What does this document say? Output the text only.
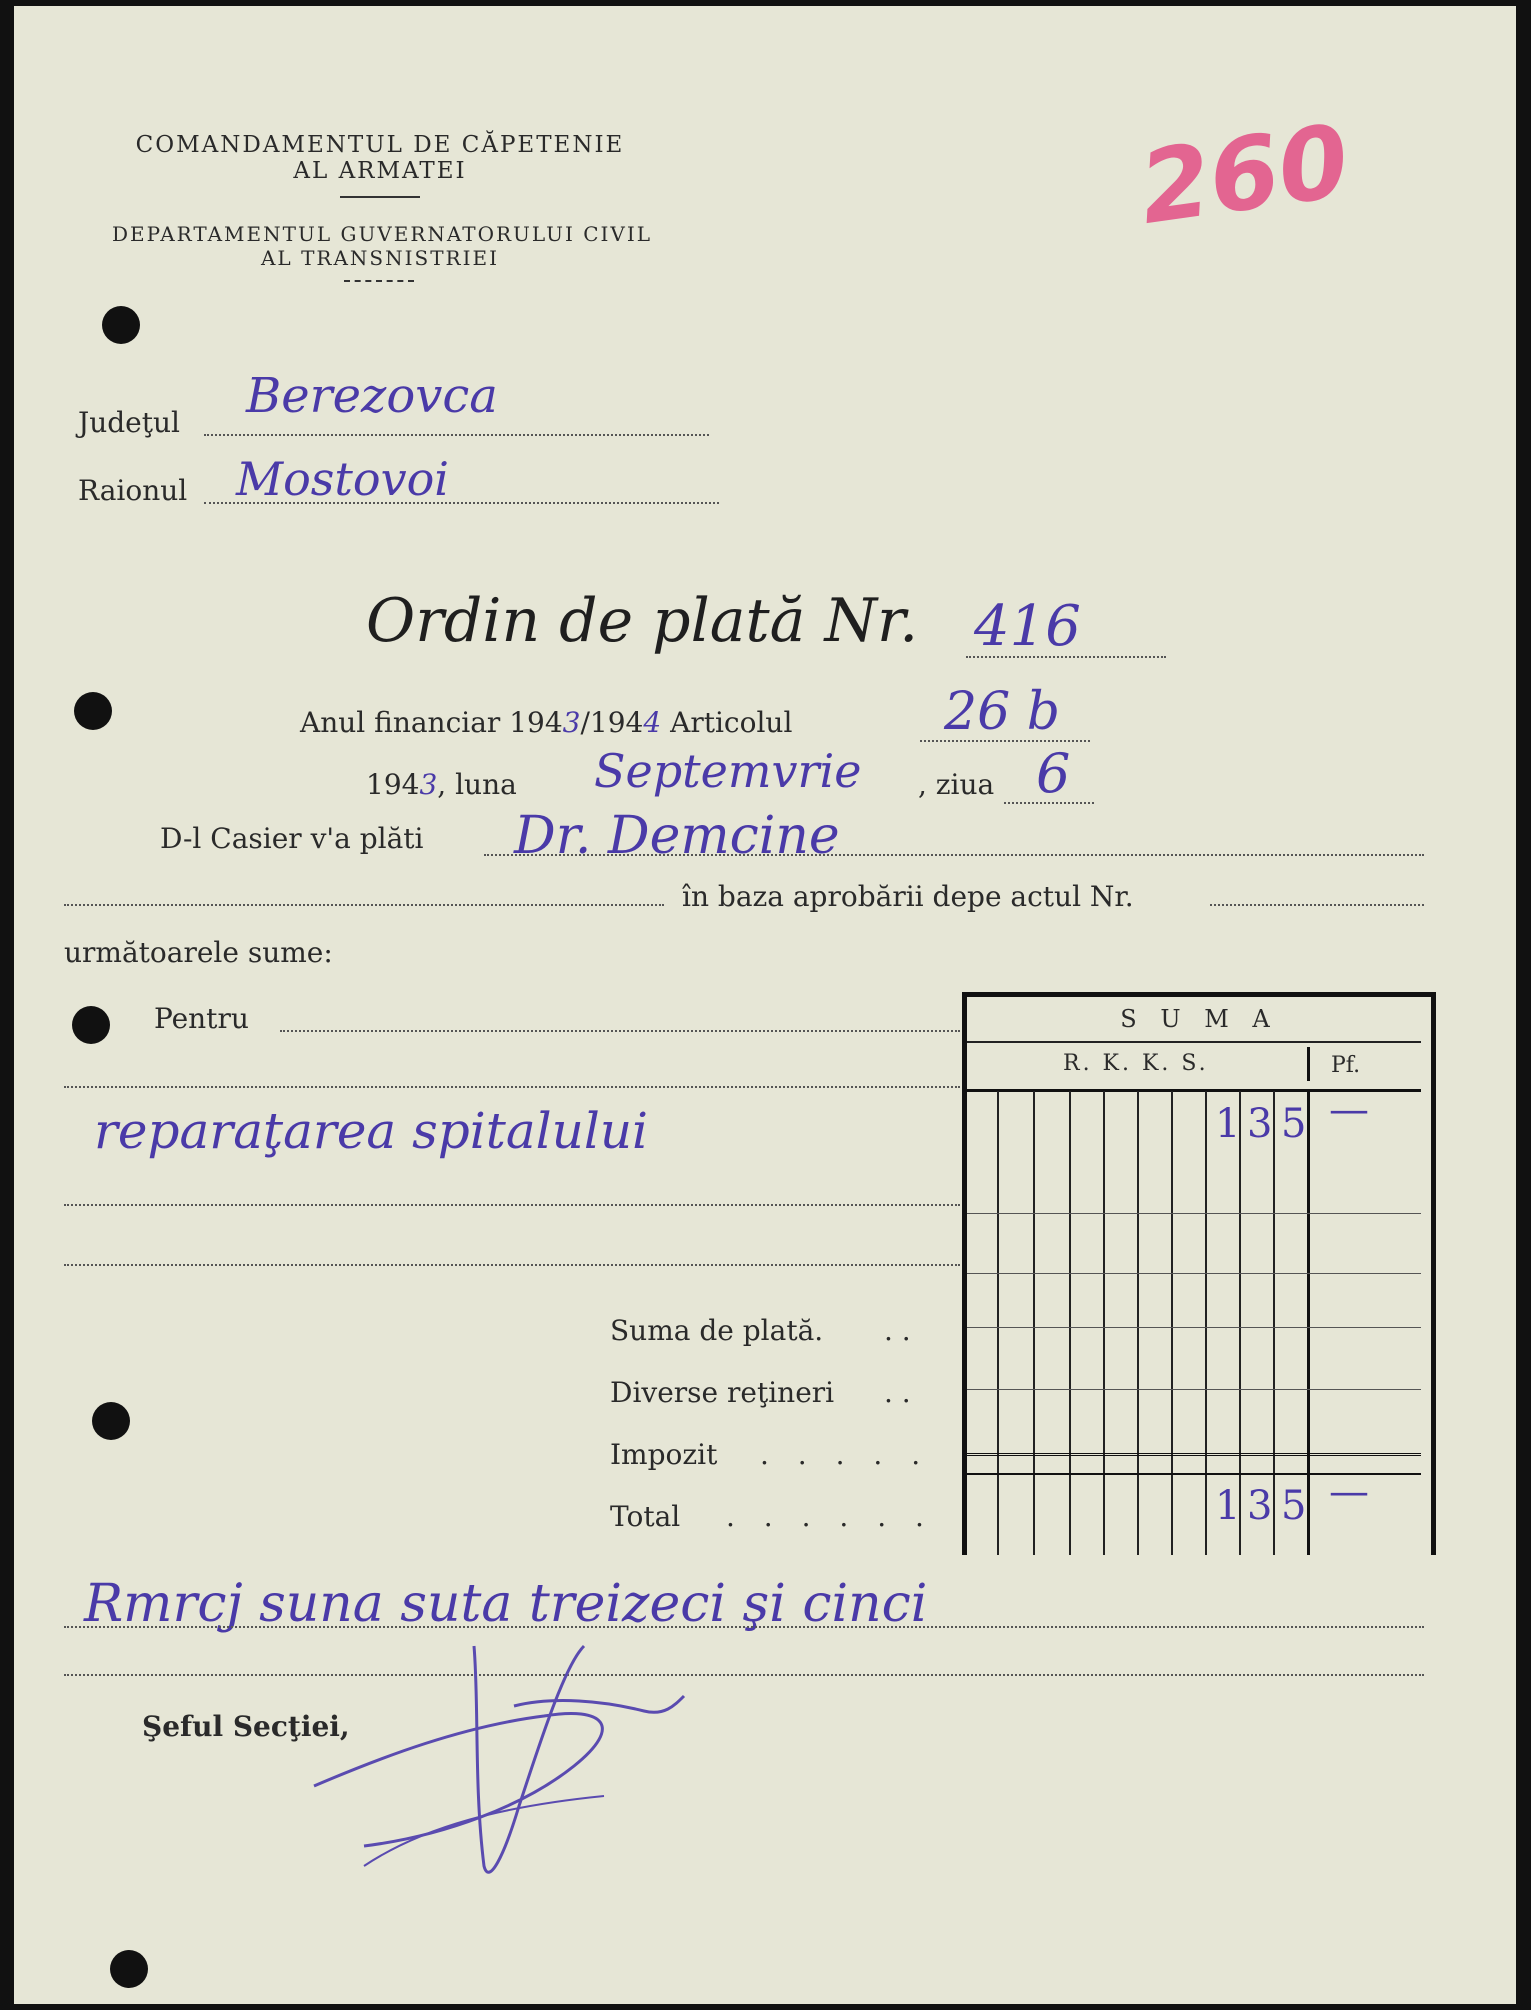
COMANDAMENTUL DE CĂPETENIE
AL ARMATEI
DEPARTAMENTUL GUVERNATORULUI CIVIL
AL TRANSNISTRIEI
260
Judeţul Berezovca
Raionul Mostovoi
Ordin de plată Nr. 416
Anul financiar 1943/1944 Articolul	26 b
1943, luna Septemvrie , ziua 6
D-l Casier v'a plăti Dr. Demcine
în baza aprobării depe actul Nr.
următoarele sume:
Pentru
reparaţarea spitalului
Suma de plată. . .
Diverse reţineri . .
Impozit . . . . .
Total . . . . . .
S U M A
R. K. K. S.	Pf.
1 3 5 —
1 3 5 —
Rmrcj suna suta treizeci şi cinci
Şeful Secţiei,
